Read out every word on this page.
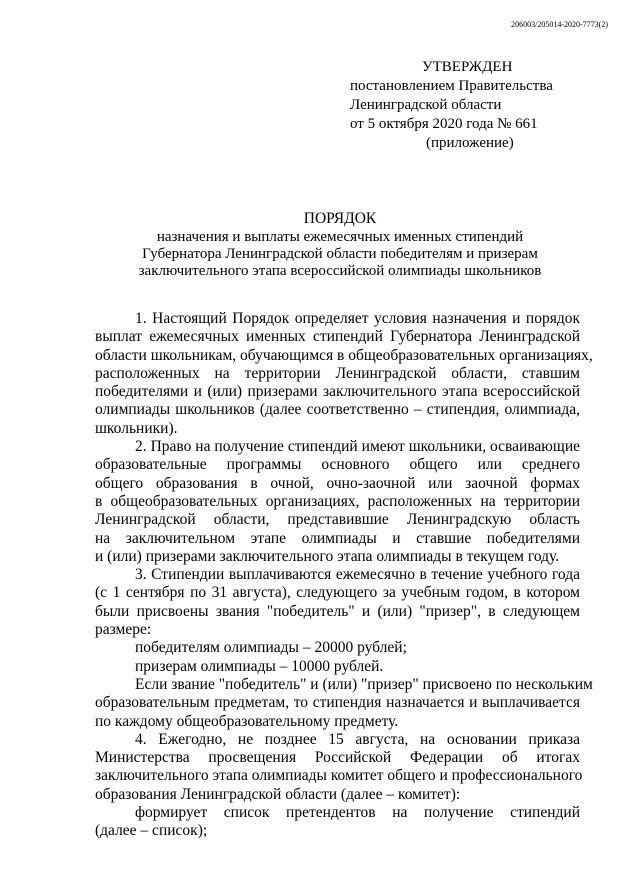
206003/205014-2020-7773(2)
УТВЕРЖДЕН
постановлением Правительства
Ленинградской области
от 5 октября 2020 года № 661
(приложение)
ПОРЯДОК
назначения и выплаты ежемесячных именных стипендий
Губернатора Ленинградской области победителям и призерам
заключительного этапа всероссийской олимпиады школьников
1. Настоящий Порядок определяет условия назначения и порядок
выплат ежемесячных именных стипендий Губернатора Ленинградской
области школьникам, обучающимся в общеобразовательных организациях,
расположенных на территории Ленинградской области, ставшим
победителями и (или) призерами заключительного этапа всероссийской
олимпиады школьников (далее соответственно – стипендия, олимпиада,
школьники).
2. Право на получение стипендий имеют школьники, осваивающие
образовательные программы основного общего или среднего
общего образования в очной, очно-заочной или заочной формах
в общеобразовательных организациях, расположенных на территории
Ленинградской области, представившие Ленинградскую область
на заключительном этапе олимпиады и ставшие победителями
и (или) призерами заключительного этапа олимпиады в текущем году.
3. Стипендии выплачиваются ежемесячно в течение учебного года
(с 1 сентября по 31 августа), следующего за учебным годом, в котором
были присвоены звания "победитель" и (или) "призер", в следующем
размере:
победителям олимпиады – 20000 рублей;
призерам олимпиады – 10000 рублей.
Если звание "победитель" и (или) "призер" присвоено по нескольким
образовательным предметам, то стипендия назначается и выплачивается
по каждому общеобразовательному предмету.
4. Ежегодно, не позднее 15 августа, на основании приказа
Министерства просвещения Российской Федерации об итогах
заключительного этапа олимпиады комитет общего и профессионального
образования Ленинградской области (далее – комитет):
формирует список претендентов на получение стипендий
(далее – список);
